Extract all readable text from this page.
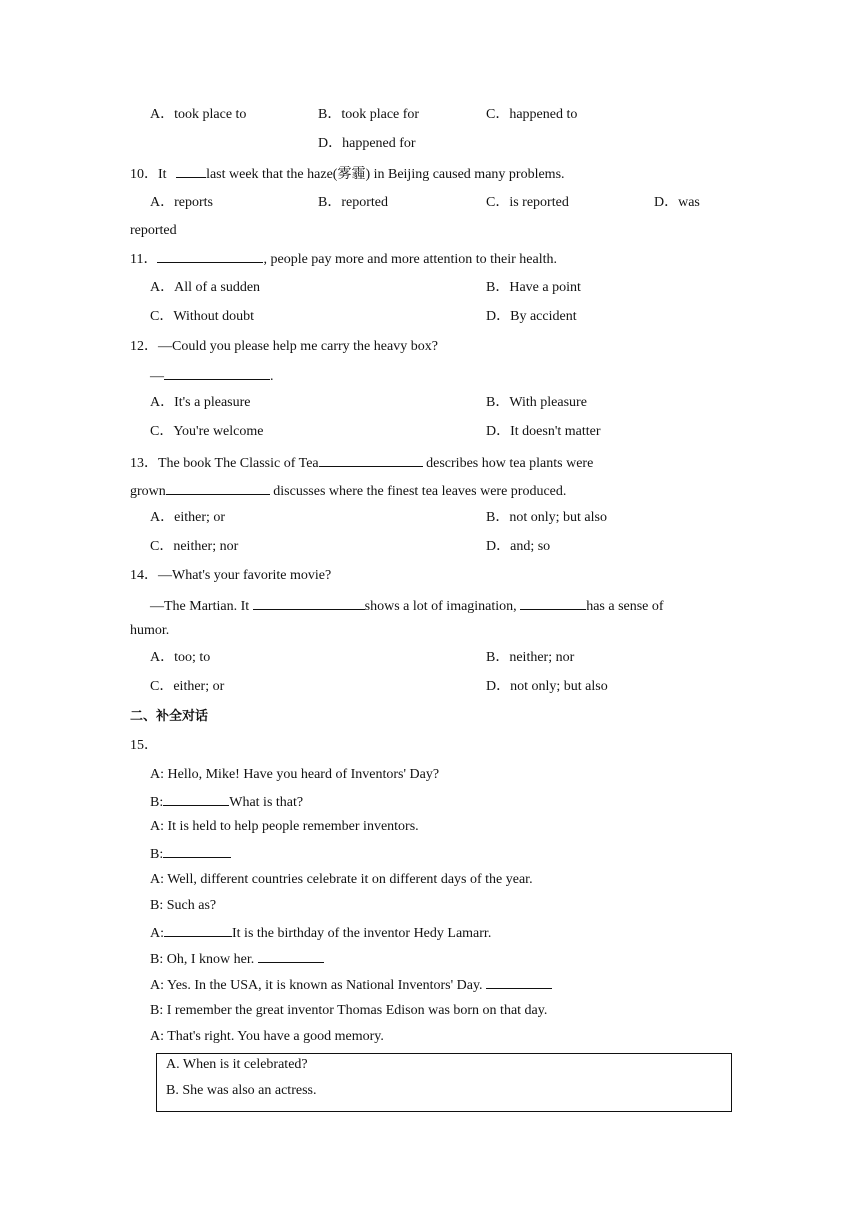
A．took place to	B．took place for	C．happened to
D．happened for
10．It	last week that the haze(雾霾) in Beijing caused many problems.
A．reports	B．reported	C．is reported	D．was
reported
11．	, people pay more and more attention to their health.
A．All of a sudden	B．Have a point
C．Without doubt	D．By accident
12．—Could you please help me carry the heavy box?
—	.
A．It's a pleasure	B．With pleasure
C．You're welcome	D．It doesn't matter
13．The book The Classic of Tea	describes how tea plants were
grown	discusses where the finest tea leaves were produced.
A．either; or	B．not only; but also
C．neither; nor	D．and; so
14．—What's your favorite movie?
—The Martian. It	shows a lot of imagination,	has a sense of
humor.
A．too; to	B．neither; nor
C．either; or	D．not only; but also
二、补全对话
15．
A: Hello, Mike! Have you heard of Inventors' Day?
B:	What is that?
A: It is held to help people remember inventors.
B:
A: Well, different countries celebrate it on different days of the year.
B: Such as?
A:	It is the birthday of the inventor Hedy Lamarr.
B: Oh, I know her.
A: Yes. In the USA, it is known as National Inventors' Day.
B: I remember the great inventor Thomas Edison was born on that day.
A: That's right. You have a good memory.
A. When is it celebrated?
B. She was also an actress.
